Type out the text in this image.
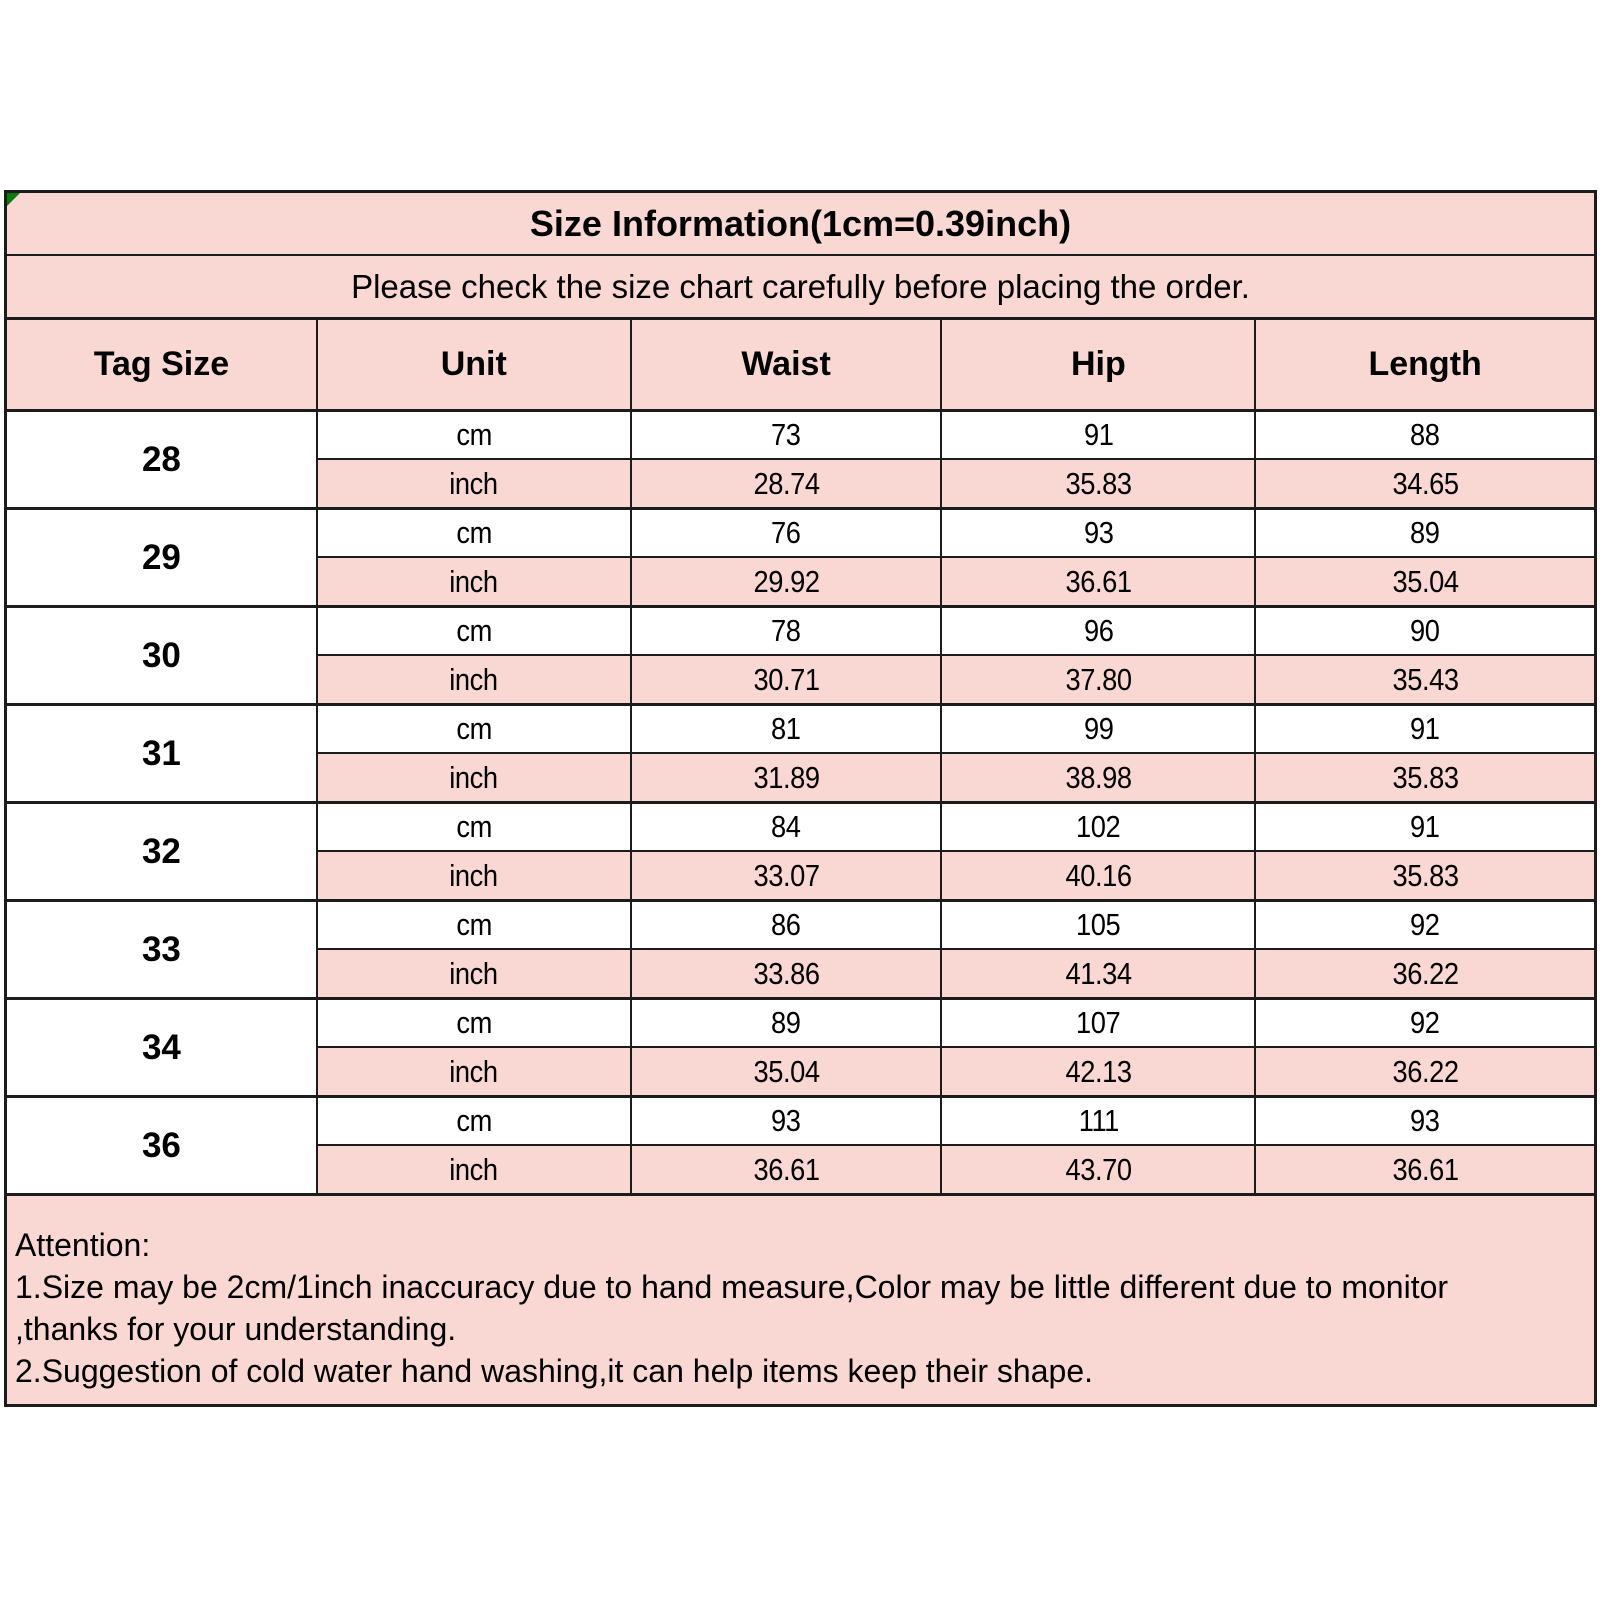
Size Information(1cm=0.39inch)
Please check the size chart carefully before placing the order.
Tag Size	Unit	Waist	Hip	Length
28
cm	73	91	88
inch	28.74	35.83	34.65
29
cm	76	93	89
inch	29.92	36.61	35.04
30
cm	78	96	90
inch	30.71	37.80	35.43
31
cm	81	99	91
inch	31.89	38.98	35.83
32
cm	84	102	91
inch	33.07	40.16	35.83
33
cm	86	105	92
inch	33.86	41.34	36.22
34
cm	89	107	92
inch	35.04	42.13	36.22
36
cm	93	111	93
inch	36.61	43.70	36.61
Attention:
1.Size may be 2cm/1inch inaccuracy due to hand measure,Color may be little different due to monitor
,thanks for your understanding.
2.Suggestion of cold water hand washing,it can help items keep their shape.
